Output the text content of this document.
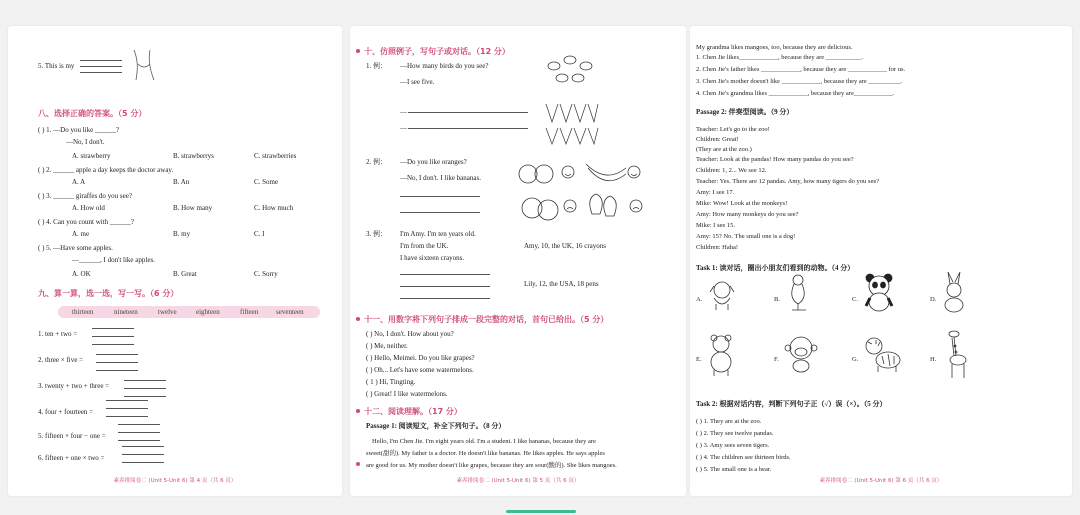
5. This is my
八、选择正确的答案。（5 分）
( ) 1. —Do you like ______?
—No, I don't.
A. strawberry	B. strawberrys	C. strawberries
( ) 2. ______ apple a day keeps the doctor away.
A. A	B. An	C. Some
( ) 3. ______ giraffes do you see?
A. How old	B. How many	C. How much
( ) 4. Can you count with ______?
A. me	B. my	C. I
( ) 5. —Have some apples.
—______, I don't like apples.
A. OK	B. Great	C. Sorry
九、算一算，选一选，写一写。（6 分）
thirteen	nineteen	twelve	eighteen	fifteen	seventeen
1. ten + two =
2. three × five =
3. twenty + two + three =
4. four + fourteen =
5. fifteen × four − one =
6. fifteen + one × two =
素养排阅卷二 (Unit 5-Unit 6) 第 4 页（共 6 页）
十、仿照例子，写句子或对话。（12 分）
1. 例： —How many birds do you see?
—I see five.
—
—
2. 例： —Do you like oranges?
—No, I don't. I like bananas.
3. 例： I'm Amy. I'm ten years old.
I'm from the UK.
I have sixteen crayons.
Amy, 10, the UK, 16 crayons
Lily, 12, the USA, 18 pens
十一、用数字将下列句子排成一段完整的对话，首句已给出。（5 分）
( ) No, I don't. How about you?
( ) Me, neither.
( ) Hello, Meimei. Do you like grapes?
( ) Oh... Let's have some watermelons.
( 1 ) Hi, Tingting.
( ) Great! I like watermelons.
十二、阅读理解。（17 分）
Passage 1: 阅读短文，补全下列句子。（8 分）
Hello, I'm Chen Jie. I'm eight years old. I'm a student. I like bananas, because they are
sweet(甜的). My father is a doctor. He doesn't like bananas. He likes apples. He says apples
are good for us. My mother doesn't like grapes, because they are sour(酸的). She likes mangoes.
素养排阅卷二 (Unit 5-Unit 6) 第 5 页（共 6 页）
My grandma likes mangoes, too, because they are delicious.
1. Chen Jie likes____________, because they are ___________.
2. Chen Jie's father likes ____________, because they are ____________ for us.
3. Chen Jie's mother doesn't like ____________, because they are __________.
4. Chen Jie's grandma likes ____________, because they are____________.
Passage 2: 伴奏型阅读。（9 分）
Teacher: Let's go to the zoo!
Children: Great!
(They are at the zoo.)
Teacher: Look at the pandas! How many pandas do you see?
Children: 1, 2... We see 12.
Teacher: Yes. There are 12 pandas. Amy, how many tigers do you see?
Amy: I see 17.
Mike: Wow! Look at the monkeys!
Amy: How many monkeys do you see?
Mike: I see 15.
Amy: 15? No. The small one is a dog!
Children: Haha!
Task 1: 读对话，圈出小朋友们看到的动物。（4 分）
A.	B.	C.	D.
E.	F.	G.	H.
Task 2: 根据对话内容，判断下列句子正（√）误（×）。（5 分）
( ) 1. They are at the zoo.
( ) 2. They see twelve pandas.
( ) 3. Amy sees seven tigers.
( ) 4. The children see thirteen birds.
( ) 5. The small one is a bear.
素养排阅卷二 (Unit 5-Unit 6) 第 6 页（共 6 页）
